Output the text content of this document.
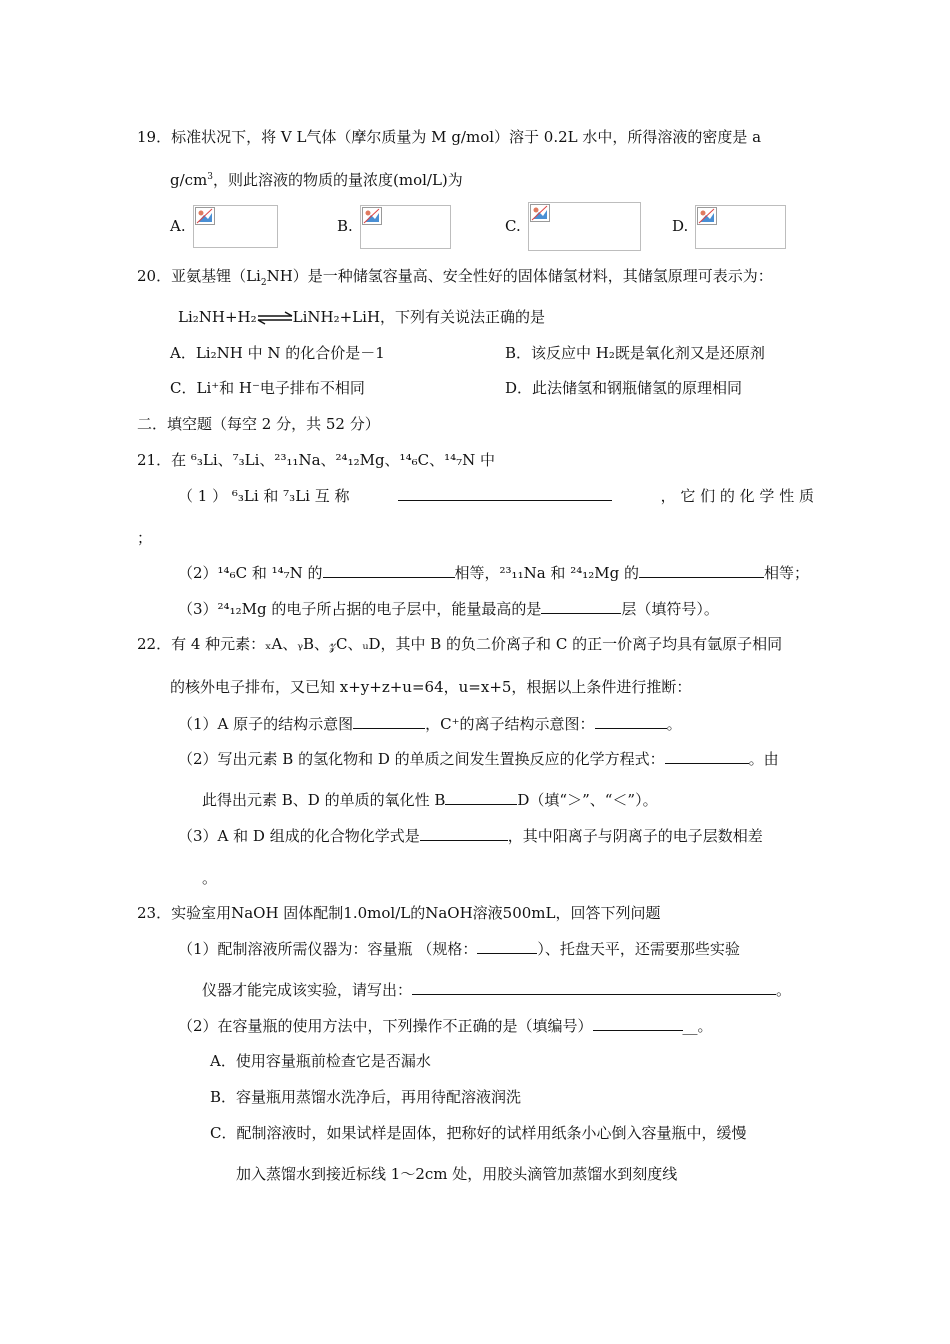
19．标准状况下，将 V L气体（摩尔质量为 M g/mol）溶于 0.2L 水中，所得溶液的密度是 a
$g/cm^3$，则此溶液的物质的量浓度(mol/L)为
A.	B.	C.	D.
20．亚氨基锂$(Li_2NH)$是一种储氢容量高、安全性好的固体储氢材料，其储氢原理可表示为：
Li₂NH+H₂⇌LiNH₂+LiH，下列有关说法正确的是
A．Li₂NH 中 N 的化合价是－1	B．该反应中 H₂既是氧化剂又是还原剂
C．Li⁺和 H⁻电子排布不相同	D．此法储氢和钢瓶储氢的原理相同
二．填空题（每空 2 分，共 52 分）
21．在 ⁶₃Li、⁷₃Li、²³₁₁Na、²⁴₁₂Mg、¹⁴₆C、¹⁴₇N 中
（ 1 ） ⁶₃Li 和 ⁷₃Li 互 称	， 它 们 的 化 学 性 质
；
（2）¹⁴₆C 和 ¹⁴₇N 的	相等，²³₁₁Na 和 ²⁴₁₂Mg 的	相等；
（3）²⁴₁₂Mg 的电子所占据的电子层中，能量最高的是	层（填符号）。
22．有 4 种元素：ₓA、ᵧB、𝓏C、ᵤD，其中 B 的负二价离子和 C 的正一价离子均具有氩原子相同
的核外电子排布，又已知 x+y+z+u=64，u=x+5，根据以上条件进行推断：
（1）A 原子的结构示意图	，C⁺的离子结构示意图：	。
（2）写出元素 B 的氢化物和 D 的单质之间发生置换反应的化学方程式：	。由
此得出元素 B、D 的单质的氧化性 B	D（填“＞”、“＜”）。
（3）A 和 D 组成的化合物化学式是	，其中阳离子与阴离子的电子层数相差
。
23．实验室用NaOH 固体配制1.0mol/L的NaOH溶液500mL，回答下列问题
（1）配制溶液所需仪器为：容量瓶 （规格：	）、托盘天平，还需要那些实验
仪器才能完成该实验，请写出：	。
（2）在容量瓶的使用方法中，下列操作不正确的是（填编号）	__。
A．使用容量瓶前检查它是否漏水
B．容量瓶用蒸馏水洗净后，再用待配溶液润洗
C．配制溶液时，如果试样是固体，把称好的试样用纸条小心倒入容量瓶中，缓慢
加入蒸馏水到接近标线 1～2cm 处，用胶头滴管加蒸馏水到刻度线
